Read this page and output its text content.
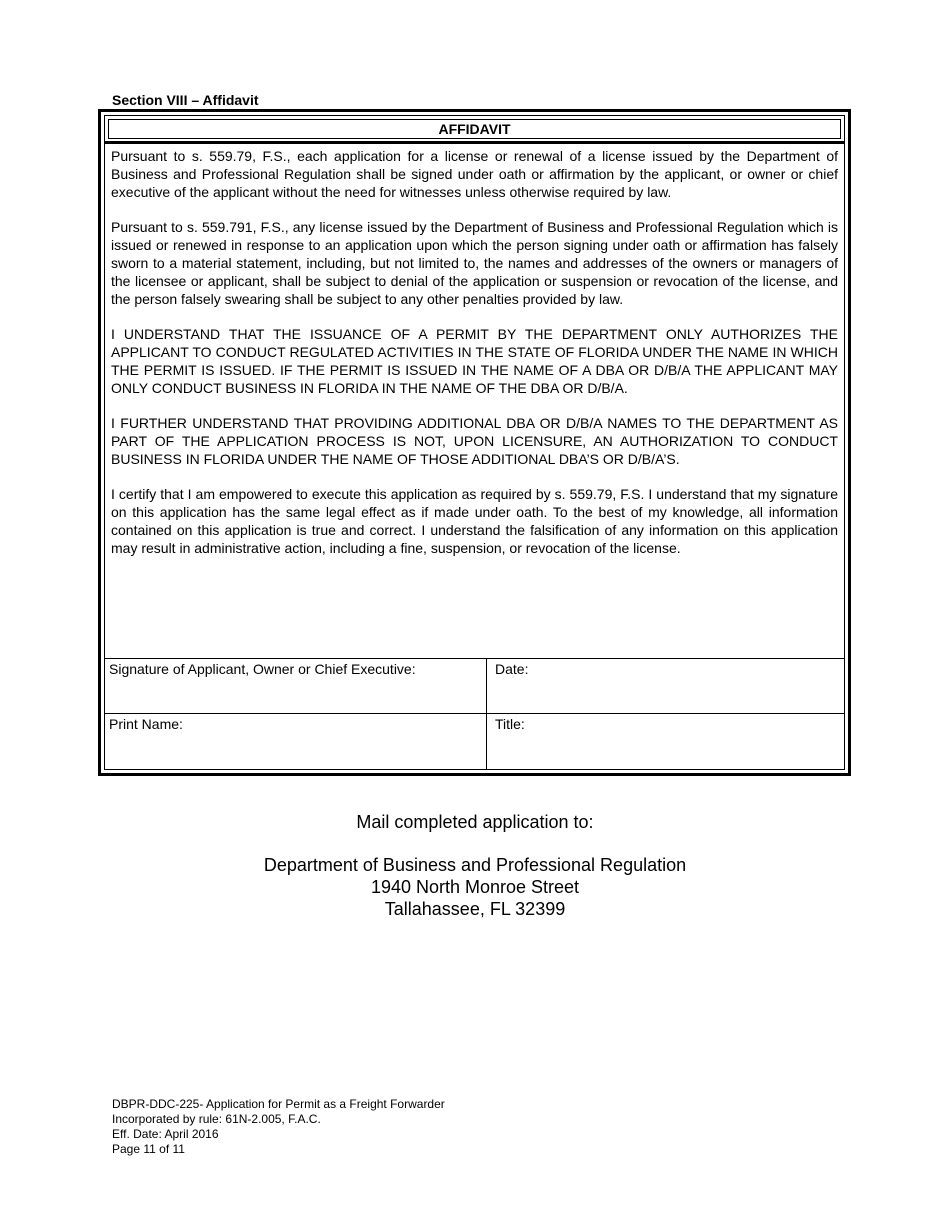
Section VIII – Affidavit
AFFIDAVIT

Pursuant to s. 559.79, F.S., each application for a license or renewal of a license issued by the Department of Business and Professional Regulation shall be signed under oath or affirmation by the applicant, or owner or chief executive of the applicant without the need for witnesses unless otherwise required by law.

Pursuant to s. 559.791, F.S., any license issued by the Department of Business and Professional Regulation which is issued or renewed in response to an application upon which the person signing under oath or affirmation has falsely sworn to a material statement, including, but not limited to, the names and addresses of the owners or managers of the licensee or applicant, shall be subject to denial of the application or suspension or revocation of the license, and the person falsely swearing shall be subject to any other penalties provided by law.

I UNDERSTAND THAT THE ISSUANCE OF A PERMIT BY THE DEPARTMENT ONLY AUTHORIZES THE APPLICANT TO CONDUCT REGULATED ACTIVITIES IN THE STATE OF FLORIDA UNDER THE NAME IN WHICH THE PERMIT IS ISSUED. IF THE PERMIT IS ISSUED IN THE NAME OF A DBA OR D/B/A THE APPLICANT MAY ONLY CONDUCT BUSINESS IN FLORIDA IN THE NAME OF THE DBA OR D/B/A.

I FURTHER UNDERSTAND THAT PROVIDING ADDITIONAL DBA OR D/B/A NAMES TO THE DEPARTMENT AS PART OF THE APPLICATION PROCESS IS NOT, UPON LICENSURE, AN AUTHORIZATION TO CONDUCT BUSINESS IN FLORIDA UNDER THE NAME OF THOSE ADDITIONAL DBA’S OR D/B/A’S.

I certify that I am empowered to execute this application as required by s. 559.79, F.S. I understand that my signature on this application has the same legal effect as if made under oath. To the best of my knowledge, all information contained on this application is true and correct. I understand the falsification of any information on this application may result in administrative action, including a fine, suspension, or revocation of the license.

Signature of Applicant, Owner or Chief Executive:	Date:
Print Name:	Title:
Mail completed application to:
Department of Business and Professional Regulation
1940 North Monroe Street
Tallahassee, FL 32399
DBPR-DDC-225- Application for Permit as a Freight Forwarder
Incorporated by rule: 61N-2.005, F.A.C.
Eff. Date: April 2016
Page 11 of 11
